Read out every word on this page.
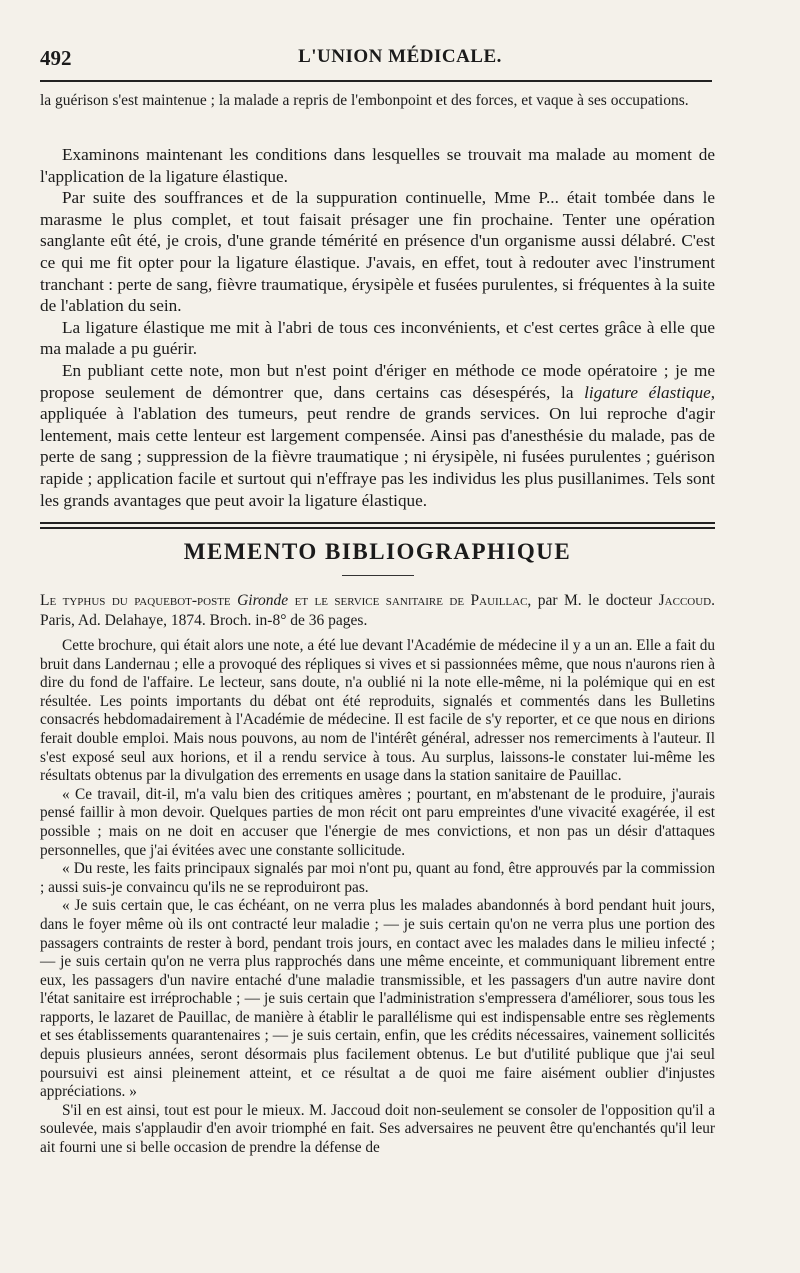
492	L'UNION MÉDICALE.

la guérison s'est maintenue ; la malade a repris de l'embonpoint et des forces, et vaque à ses occupations.

Examinons maintenant les conditions dans lesquelles se trouvait ma malade au moment de l'application de la ligature élastique.

Par suite des souffrances et de la suppuration continuelle, Mme P... était tombée dans le marasme le plus complet, et tout faisait présager une fin prochaine. Tenter une opération sanglante eût été, je crois, d'une grande témérité en présence d'un organisme aussi délabré. C'est ce qui me fit opter pour la ligature élastique. J'avais, en effet, tout à redouter avec l'instrument tranchant : perte de sang, fièvre traumatique, érysipèle et fusées purulentes, si fréquentes à la suite de l'ablation du sein.

La ligature élastique me mit à l'abri de tous ces inconvénients, et c'est certes grâce à elle que ma malade a pu guérir.

En publiant cette note, mon but n'est point d'ériger en méthode ce mode opératoire ; je me propose seulement de démontrer que, dans certains cas désespérés, la ligature élastique, appliquée à l'ablation des tumeurs, peut rendre de grands services. On lui reproche d'agir lentement, mais cette lenteur est largement compensée. Ainsi pas d'anesthésie du malade, pas de perte de sang ; suppression de la fièvre traumatique ; ni érysipèle, ni fusées purulentes ; guérison rapide ; application facile et surtout qui n'effraye pas les individus les plus pusillanimes. Tels sont les grands avantages que peut avoir la ligature élastique.

MEMENTO BIBLIOGRAPHIQUE
Le typhus du paquebot-poste Gironde et le service sanitaire de Pauillac, par M. le docteur Jaccoud. Paris, Ad. Delahaye, 1874. Broch. in-8° de 36 pages.

Cette brochure, qui était alors une note, a été lue devant l'Académie de médecine il y a un an. Elle a fait du bruit dans Landernau ; elle a provoqué des répliques si vives et si passionnées même, que nous n'aurons rien à dire du fond de l'affaire. Le lecteur, sans doute, n'a oublié ni la note elle-même, ni la polémique qui en est résultée. Les points importants du débat ont été reproduits, signalés et commentés dans les Bulletins consacrés hebdomadairement à l'Académie de médecine. Il est facile de s'y reporter, et ce que nous en dirions ferait double emploi. Mais nous pouvons, au nom de l'intérêt général, adresser nos remerciments à l'auteur. Il s'est exposé seul aux horions, et il a rendu service à tous. Au surplus, laissons-le constater lui-même les résultats obtenus par la divulgation des errements en usage dans la station sanitaire de Pauillac.

« Ce travail, dit-il, m'a valu bien des critiques amères ; pourtant, en m'abstenant de le produire, j'aurais pensé faillir à mon devoir. Quelques parties de mon récit ont paru empreintes d'une vivacité exagérée, il est possible ; mais on ne doit en accuser que l'énergie de mes convictions, et non pas un désir d'attaques personnelles, que j'ai évitées avec une constante sollicitude.

« Du reste, les faits principaux signalés par moi n'ont pu, quant au fond, être approuvés par la commission ; aussi suis-je convaincu qu'ils ne se reproduiront pas.

« Je suis certain que, le cas échéant, on ne verra plus les malades abandonnés à bord pendant huit jours, dans le foyer même où ils ont contracté leur maladie ; — je suis certain qu'on ne verra plus une portion des passagers contraints de rester à bord, pendant trois jours, en contact avec les malades dans le milieu infecté ; — je suis certain qu'on ne verra plus rapprochés dans une même enceinte, et communiquant librement entre eux, les passagers d'un navire entaché d'une maladie transmissible, et les passagers d'un autre navire dont l'état sanitaire est irréprochable ; — je suis certain que l'administration s'empressera d'améliorer, sous tous les rapports, le lazaret de Pauillac, de manière à établir le parallélisme qui est indispensable entre ses règlements et ses établissements quarantenaires ; — je suis certain, enfin, que les crédits nécessaires, vainement sollicités depuis plusieurs années, seront désormais plus facilement obtenus. Le but d'utilité publique que j'ai seul poursuivi est ainsi pleinement atteint, et ce résultat a de quoi me faire aisément oublier d'injustes appréciations. »

S'il en est ainsi, tout est pour le mieux. M. Jaccoud doit non-seulement se consoler de l'opposition qu'il a soulevée, mais s'applaudir d'en avoir triomphé en fait. Ses adversaires ne peuvent être qu'enchantés qu'il leur ait fourni une si belle occasion de prendre la défense de
